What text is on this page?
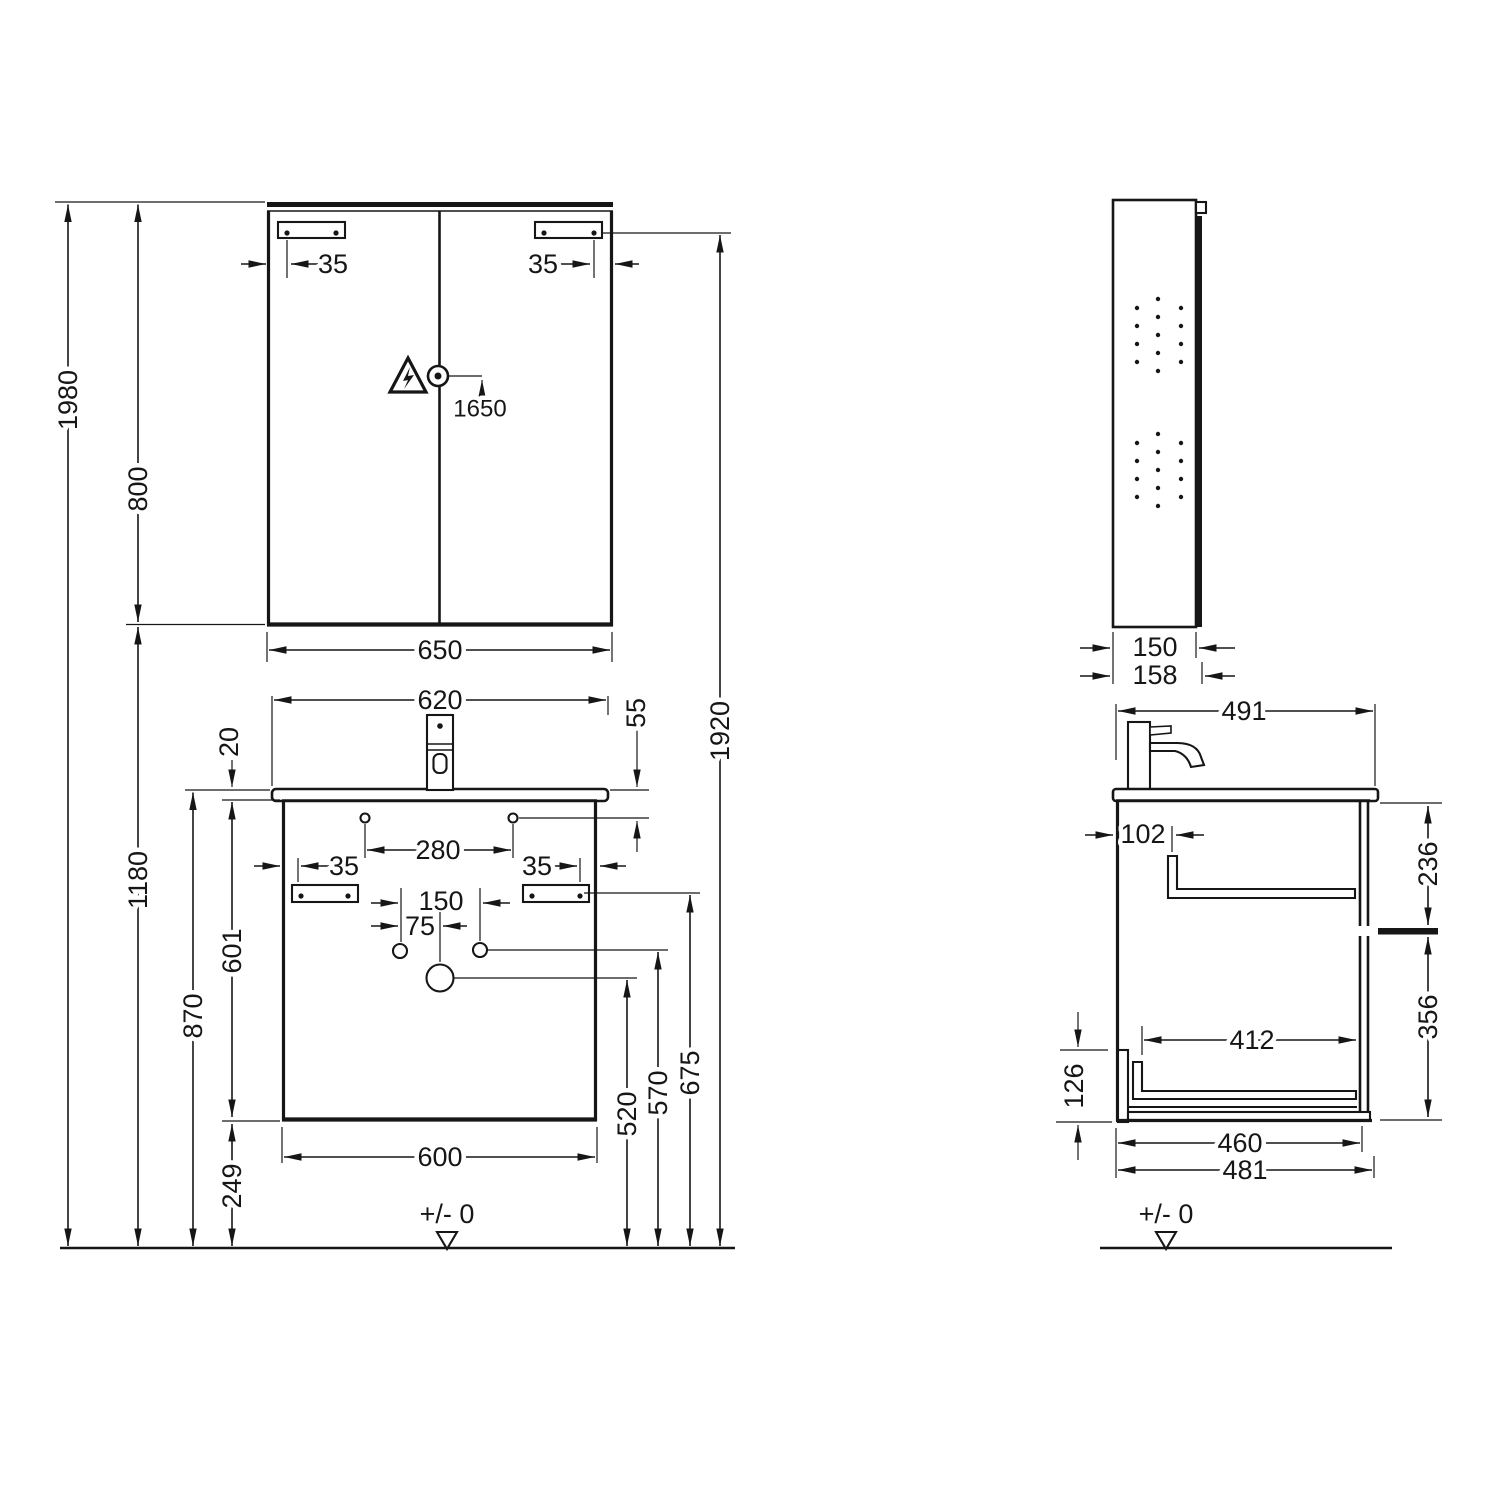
35	35
1650
800
1980
1180
650
1920
620	55
280
35	35
150
75
870
20
601
249
600
520 570 675
+/- 0
150
158
491
102
236
356
412
126
460
481
+/- 0
